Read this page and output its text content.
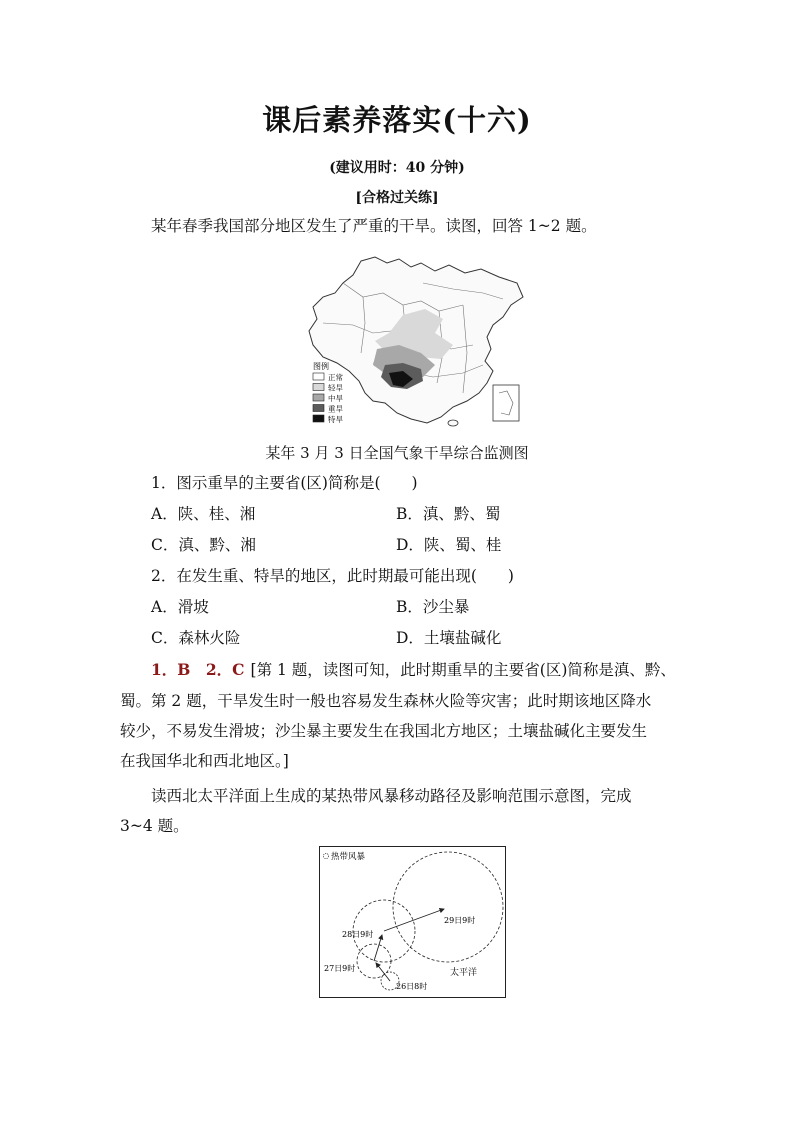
课后素养落实(十六)
(建议用时：40 分钟)
[合格过关练]
某年春季我国部分地区发生了严重的干旱。读图，回答 1~2 题。
图例
正常
轻旱
中旱
重旱
特旱
某年 3 月 3 日全国气象干旱综合监测图
1．图示重旱的主要省(区)简称是(　　)
A．陕、桂、湘	B．滇、黔、蜀
C．滇、黔、湘	D．陕、蜀、桂
2．在发生重、特旱的地区，此时期最可能出现(　　)
A．滑坡	B．沙尘暴
C．森林火险	D．土壤盐碱化
1．B　2．C [第 1 题，读图可知，此时期重旱的主要省(区)简称是滇、黔、
蜀。第 2 题，干旱发生时一般也容易发生森林火险等灾害；此时期该地区降水
较少，不易发生滑坡；沙尘暴主要发生在我国北方地区；土壤盐碱化主要发生
在我国华北和西北地区。]
读西北太平洋面上生成的某热带风暴移动路径及影响范围示意图，完成
3~4 题。
热带风暴
28日9时
27日9时
26日8时
29日9时
太平洋
